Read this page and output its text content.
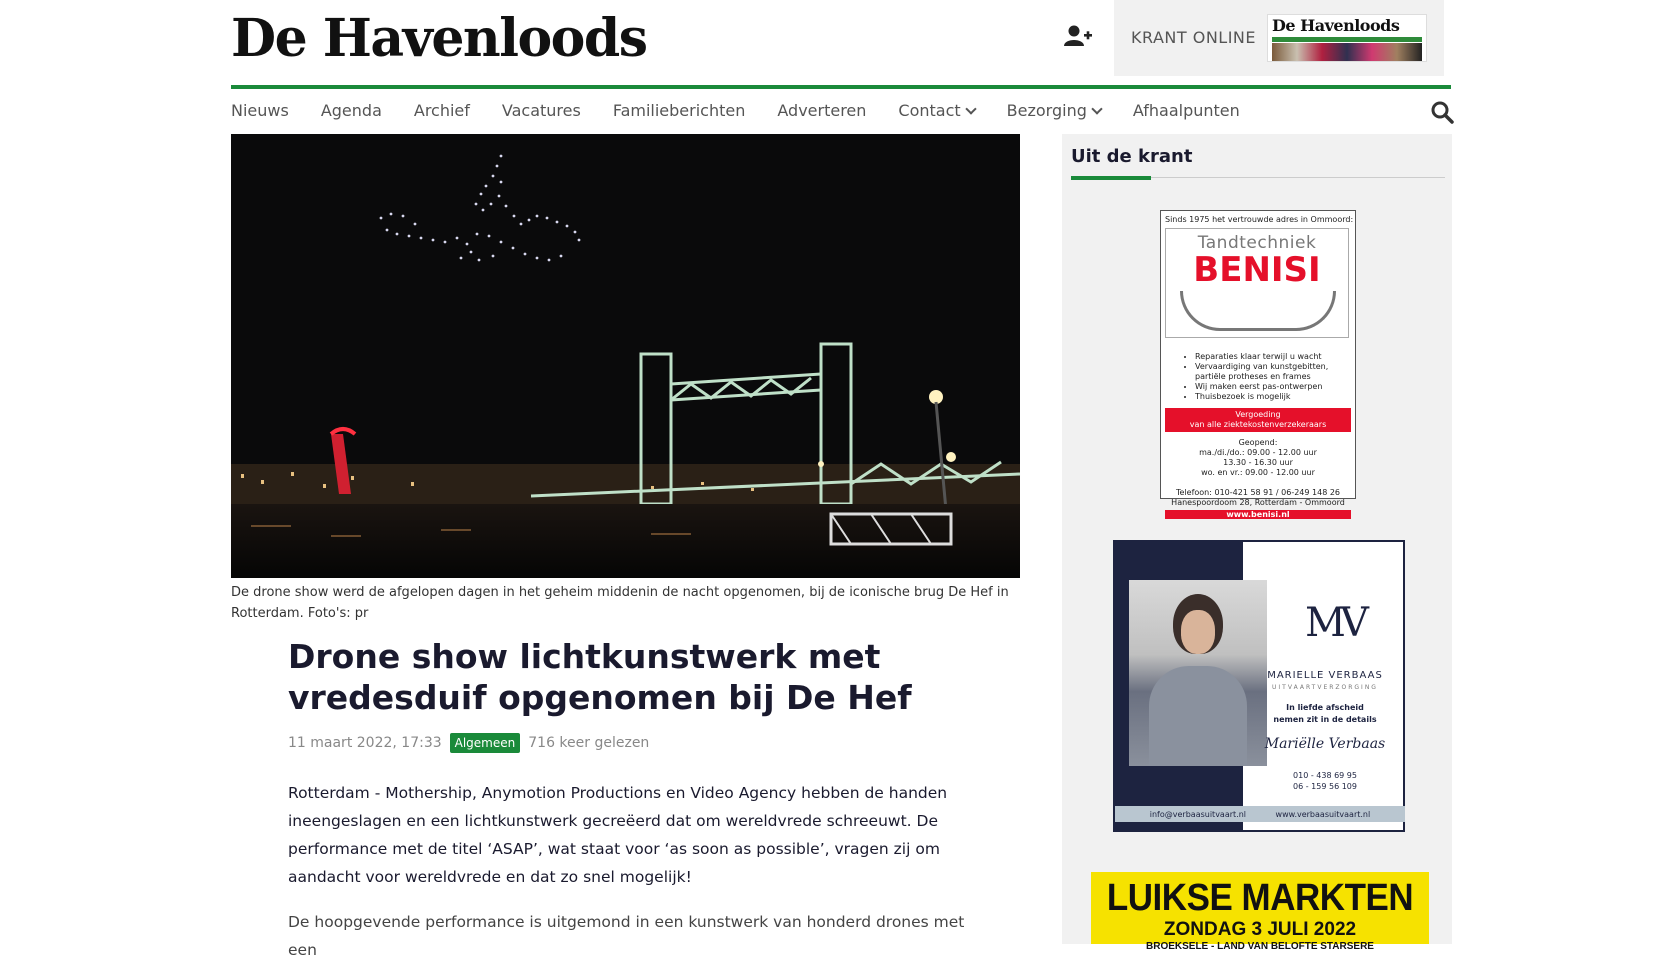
De Havenloods	KRANT ONLINE
De Havenloods
Nieuws Agenda Archief Vacatures Familieberichten Adverteren Contact	Bezorging	Afhaalpunten

De drone show werd de afgelopen dagen in het geheim middenin de nacht opgenomen, bij de iconische brug De Hef in Rotterdam. Foto's: pr

Drone show lichtkunstwerk met vredesduif opgenomen bij De Hef
11 maart 2022, 17:33	Algemeen 716 keer gelezen

Rotterdam - Mothership, Anymotion Productions en Video Agency hebben de handen ineengeslagen en een lichtkunstwerk gecreëerd dat om wereldvrede schreeuwt. De performance met de titel ‘ASAP’, wat staat voor ‘as soon as possible’, vragen zij om aandacht voor wereldvrede en dat zo snel mogelijk!

De hoopgevende performance is uitgemond in een kunstwerk van honderd drones met een

Uit de krant
Sinds 1975 het vertrouwde adres in Ommoord:
Tandtechniek
BENISI
• Reparaties klaar terwijl u wacht
• Vervaardiging van kunstgebitten, partiële protheses en frames
• Wij maken eerst pas-ontwerpen
• Thuisbezoek is mogelijk
Vergoeding
van alle ziektekostenverzekeraars
Geopend:
ma./di./do.: 09.00 - 12.00 uur
13.30 - 16.30 uur
wo. en vr.: 09.00 - 12.00 uur
Telefoon: 010-421 58 91 / 06-249 148 26
Hanespoordoom 28, Rotterdam - Ommoord
www.benisi.nl
MV
MARIELLE VERBAAS
UITVAARTVERZORGING
In liefde afscheid
nemen zit in de details
Mariëlle Verbaas
010 - 438 69 95
06 - 159 56 109
info@verbaasuitvaart.nl	www.verbaasuitvaart.nl
LUIKSE MARKTEN
ZONDAG 3 JULI 2022
BROEKSELE - LAND VAN BELOFTE STARSERE
